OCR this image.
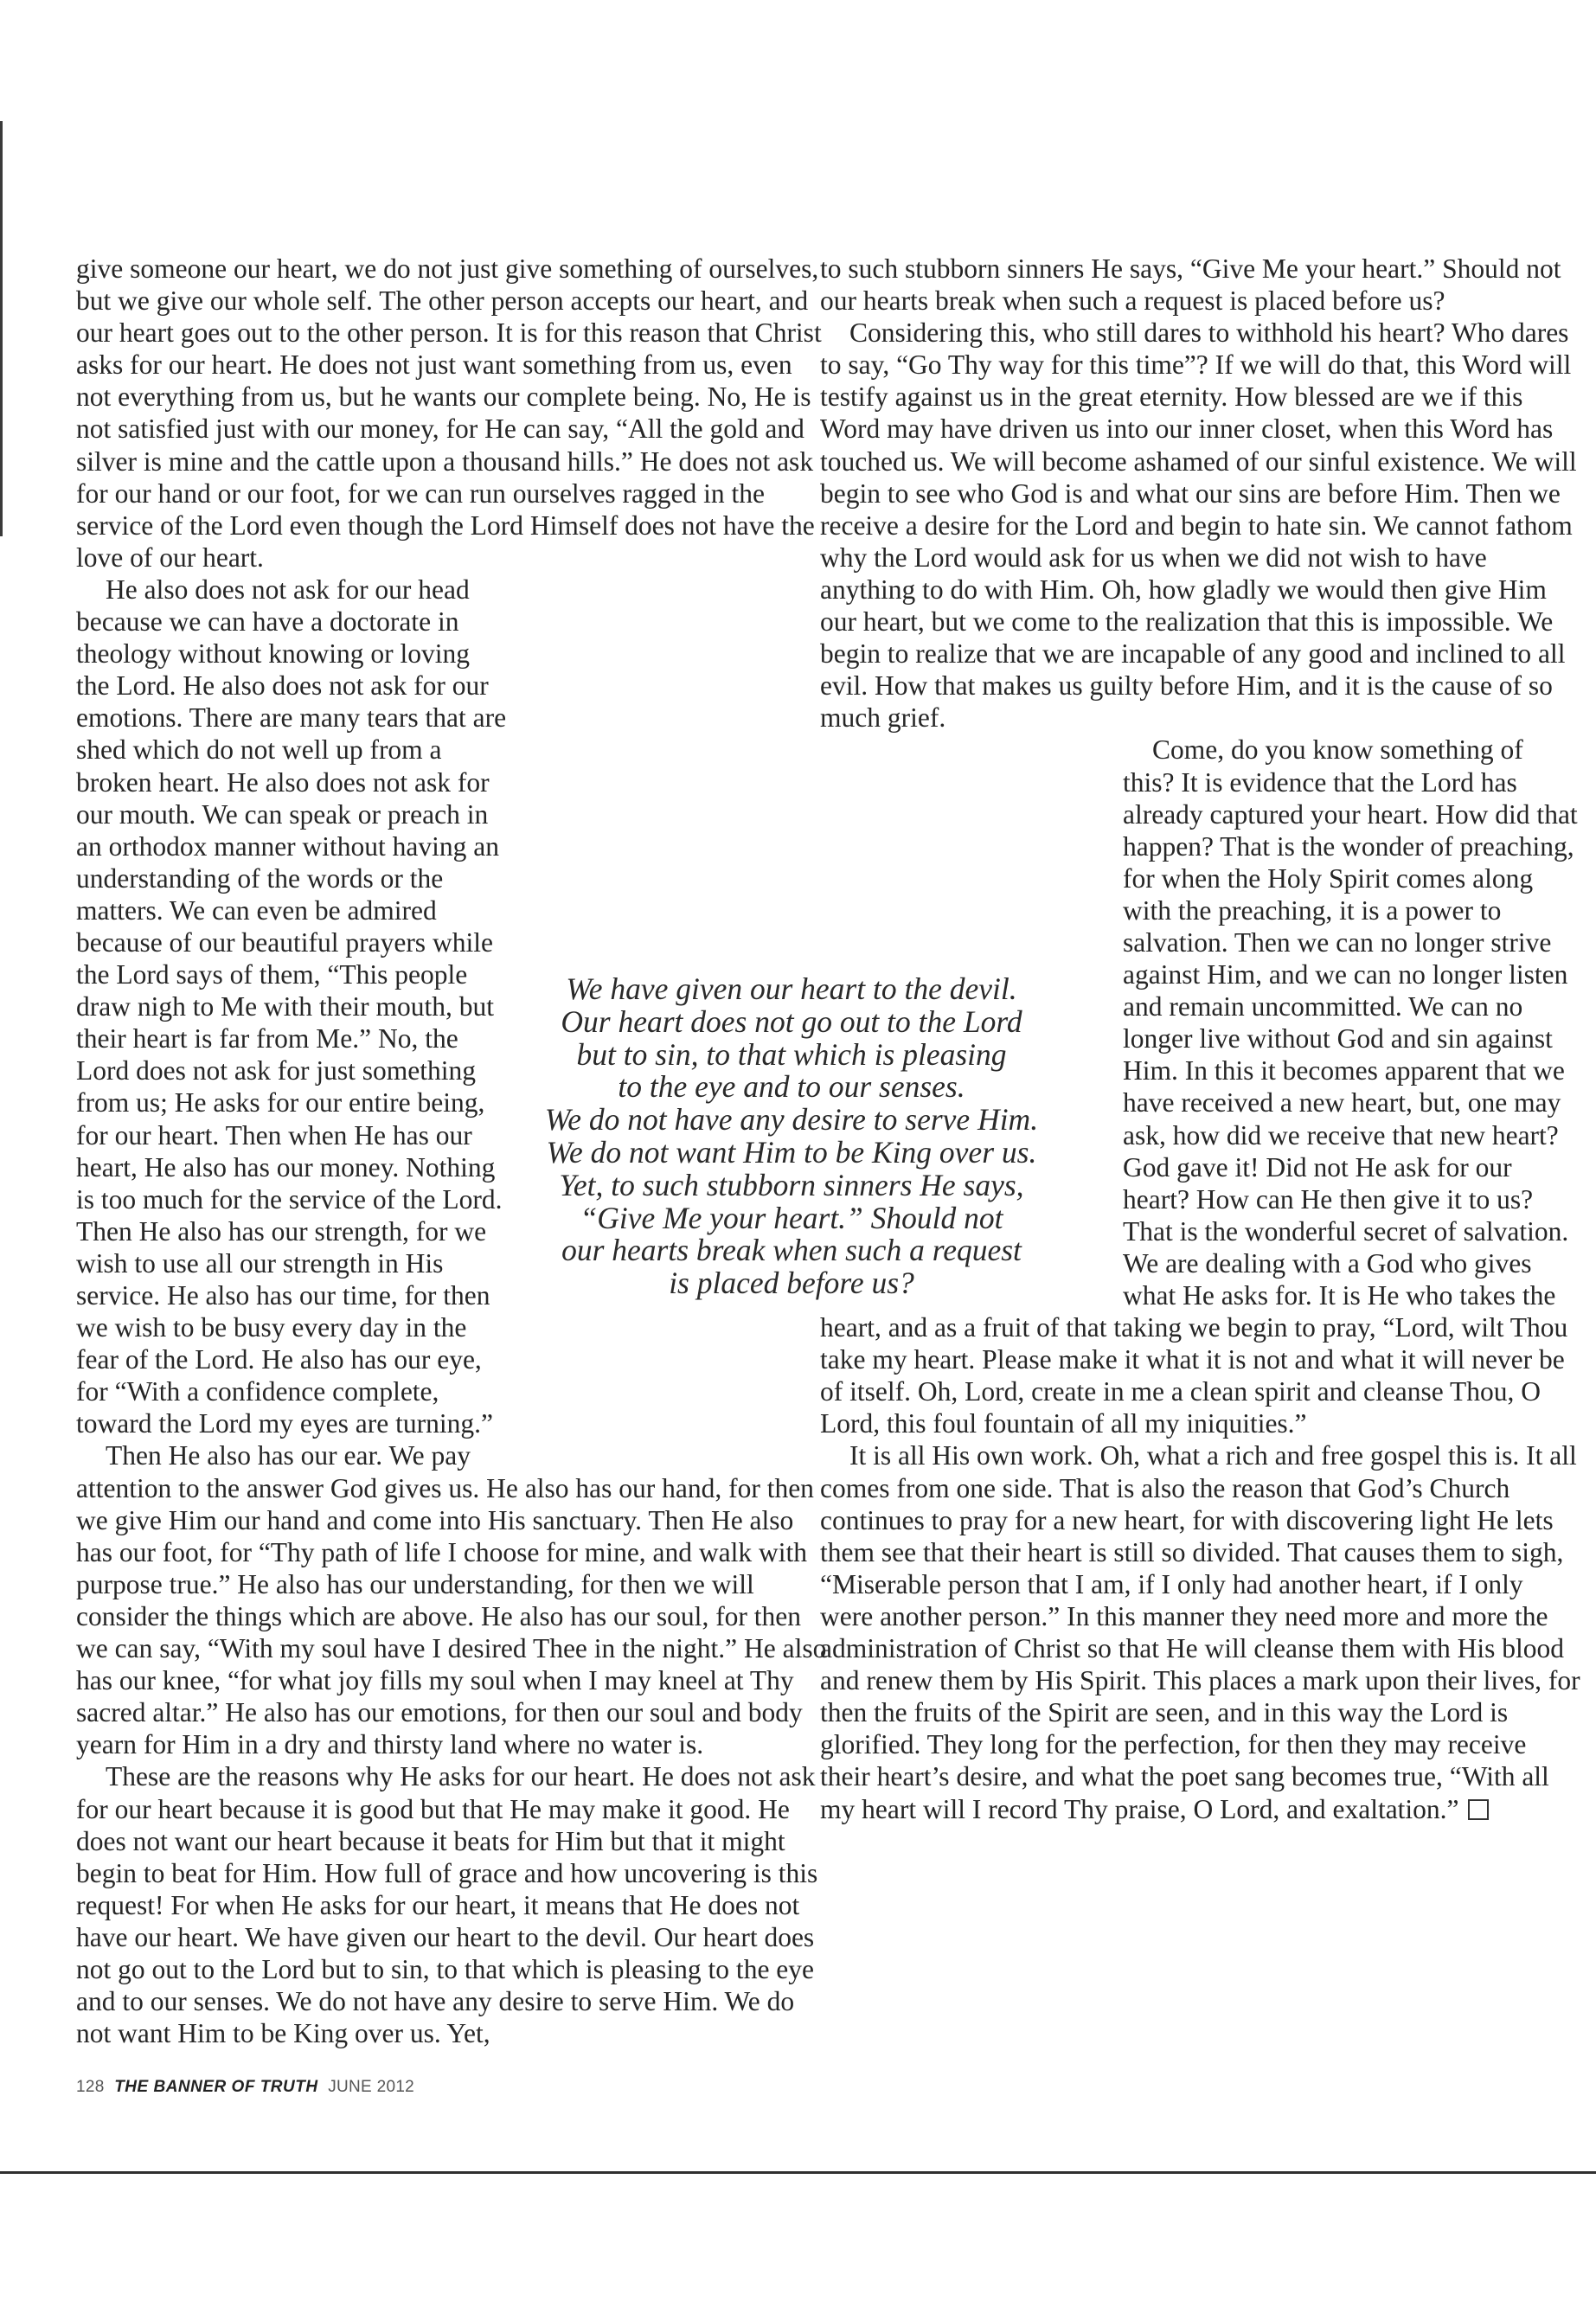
give someone our heart, we do not just give something of ourselves, but we give our whole self. The other person accepts our heart, and our heart goes out to the other person. It is for this reason that Christ asks for our heart. He does not just want something from us, even not everything from us, but he wants our complete being. No, He is not satisfied just with our money, for He can say, “All the gold and silver is mine and the cattle upon a thousand hills.” He does not ask for our hand or our foot, for we can run ourselves ragged in the service of the Lord even though the Lord Himself does not have the love of our heart.

He also does not ask for our head because we can have a doctorate in theology without knowing or loving the Lord. He also does not ask for our emotions. There are many tears that are shed which do not well up from a broken heart. He also does not ask for our mouth. We can speak or preach in an orthodox manner without having an understanding of the words or the matters. We can even be admired because of our beautiful prayers while the Lord says of them, “This people draw nigh to Me with their mouth, but their heart is far from Me.” No, the Lord does not ask for just something from us; He asks for our entire being, for our heart. Then when He has our heart, He also has our money. Nothing is too much for the service of the Lord. Then He also has our strength, for we wish to use all our strength in His service. He also has our time, for then we wish to be busy every day in the fear of the Lord. He also has our eye, for “With a confidence complete, toward the Lord my eyes are turning.”

Then He also has our ear. We pay attention to the answer God gives us. He also has our hand, for then we give Him our hand and come into His sanctuary. Then He also has our foot, for “Thy path of life I choose for mine, and walk with purpose true.” He also has our understanding, for then we will consider the things which are above. He also has our soul, for then we can say, “With my soul have I desired Thee in the night.” He also has our knee, “for what joy fills my soul when I may kneel at Thy sacred altar.” He also has our emotions, for then our soul and body yearn for Him in a dry and thirsty land where no water is.

These are the reasons why He asks for our heart. He does not ask for our heart because it is good but that He may make it good. He does not want our heart because it beats for Him but that it might begin to beat for Him. How full of grace and how uncovering is this request! For when He asks for our heart, it means that He does not have our heart. We have given our heart to the devil. Our heart does not go out to the Lord but to sin, to that which is pleasing to the eye and to our senses. We do not have any desire to serve Him. We do not want Him to be King over us. Yet,

to such stubborn sinners He says, “Give Me your heart.” Should not our hearts break when such a request is placed before us?

Considering this, who still dares to withhold his heart? Who dares to say, “Go Thy way for this time”? If we will do that, this Word will testify against us in the great eternity. How blessed are we if this Word may have driven us into our inner closet, when this Word has touched us. We will become ashamed of our sinful existence. We will begin to see who God is and what our sins are before Him. Then we receive a desire for the Lord and begin to hate sin. We cannot fathom why the Lord would ask for us when we did not wish to have anything to do with Him. Oh, how gladly we would then give Him our heart, but we come to the realization that this is impossible. We begin to realize that we are incapable of any good and inclined to all evil. How that makes us guilty before Him, and it is the cause of so much grief.

Come, do you know something of this? It is evidence that the Lord has already captured your heart. How did that happen? That is the wonder of preaching, for when the Holy Spirit comes along with the preaching, it is a power to salvation. Then we can no longer strive against Him, and we can no longer listen and remain uncommitted. We can no longer live without God and sin against Him. In this it becomes apparent that we have received a new heart, but, one may ask, how did we receive that new heart? God gave it! Did not He ask for our heart? How can He then give it to us? That is the wonderful secret of salvation. We are dealing with a God who gives what He asks for. It is He who takes the heart, and as a fruit of that taking we begin to pray, “Lord, wilt Thou take my heart. Please make it what it is not and what it will never be of itself. Oh, Lord, create in me a clean spirit and cleanse Thou, O Lord, this foul fountain of all my iniquities.”

It is all His own work. Oh, what a rich and free gospel this is. It all comes from one side. That is also the reason that God’s Church continues to pray for a new heart, for with discovering light He lets them see that their heart is still so divided. That causes them to sigh, “Miserable person that I am, if I only had another heart, if I only were another person.” In this manner they need more and more the administration of Christ so that He will cleanse them with His blood and renew them by His Spirit. This places a mark upon their lives, for then the fruits of the Spirit are seen, and in this way the Lord is glorified. They long for the perfection, for then they may receive their heart’s desire, and what the poet sang becomes true, “With all my heart will I record Thy praise, O Lord, and exaltation.”

We have given our heart to the devil.
Our heart does not go out to the Lord
but to sin, to that which is pleasing
to the eye and to our senses.
We do not have any desire to serve Him.
We do not want Him to be King over us.
Yet, to such stubborn sinners He says,
“Give Me your heart.” Should not
our hearts break when such a request
is placed before us?
128 THE BANNER OF TRUTH JUNE 2012
